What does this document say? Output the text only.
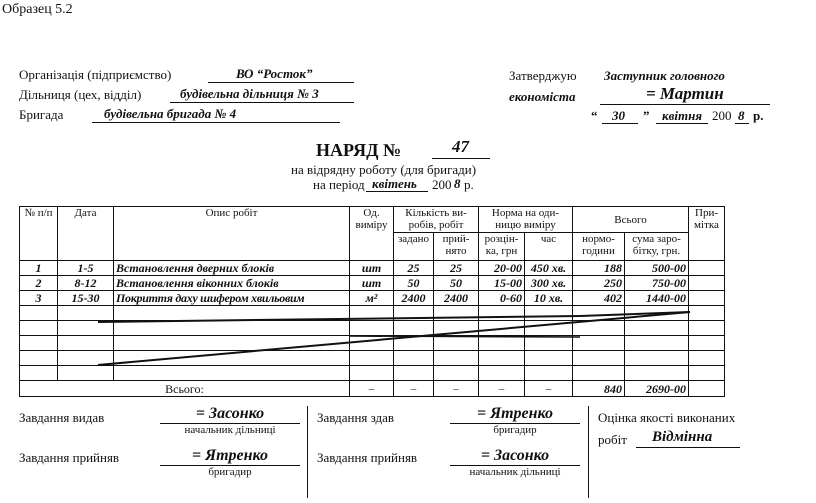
Образец 5.2
Організація (підприємство)	ВО “Росток”
Дільниця (цех, відділ)	будівельна дільниця № 3
Бригада	будівельна бригада № 4
Затверджую Заступник головного
економіста	= Мартин
“ 30 ” квітня 200 8 р.
НАРЯД №	47
на відрядну роботу (для бригади)
на період квітень 200 8 р.
№ п/п	Дата	Опис робіт	Од. виміру	Кількість ви- робів, робіт		Норма на оди- ницю виміру		Всього		При- мітка
				задано	прий- нято	розцін- ка, грн	час	нормо- години	сума заро- бітку, грн.	
1	1-5	Встановлення дверних блоків	шт	25	25	20-00	450 хв.	188	500-00	
2	8-12	Встановлення віконних блоків	шт	50	50	15-00	300 хв.	250	750-00	
3	15-30	Покриття даху шифером хвильовим	м²	2400	2400	0-60	10 хв.	402	1440-00	

Всього:			–	–	–	–	–	840	2690-00	
Завдання видав	= Засонко
начальник дільниці
Завдання прийняв	= Ятренко
бригадир
Завдання здав	= Ятренко
бригадир
Завдання прийняв	= Засонко
начальник дільниці
Оцінка якості виконаних
робіт Відмінна
